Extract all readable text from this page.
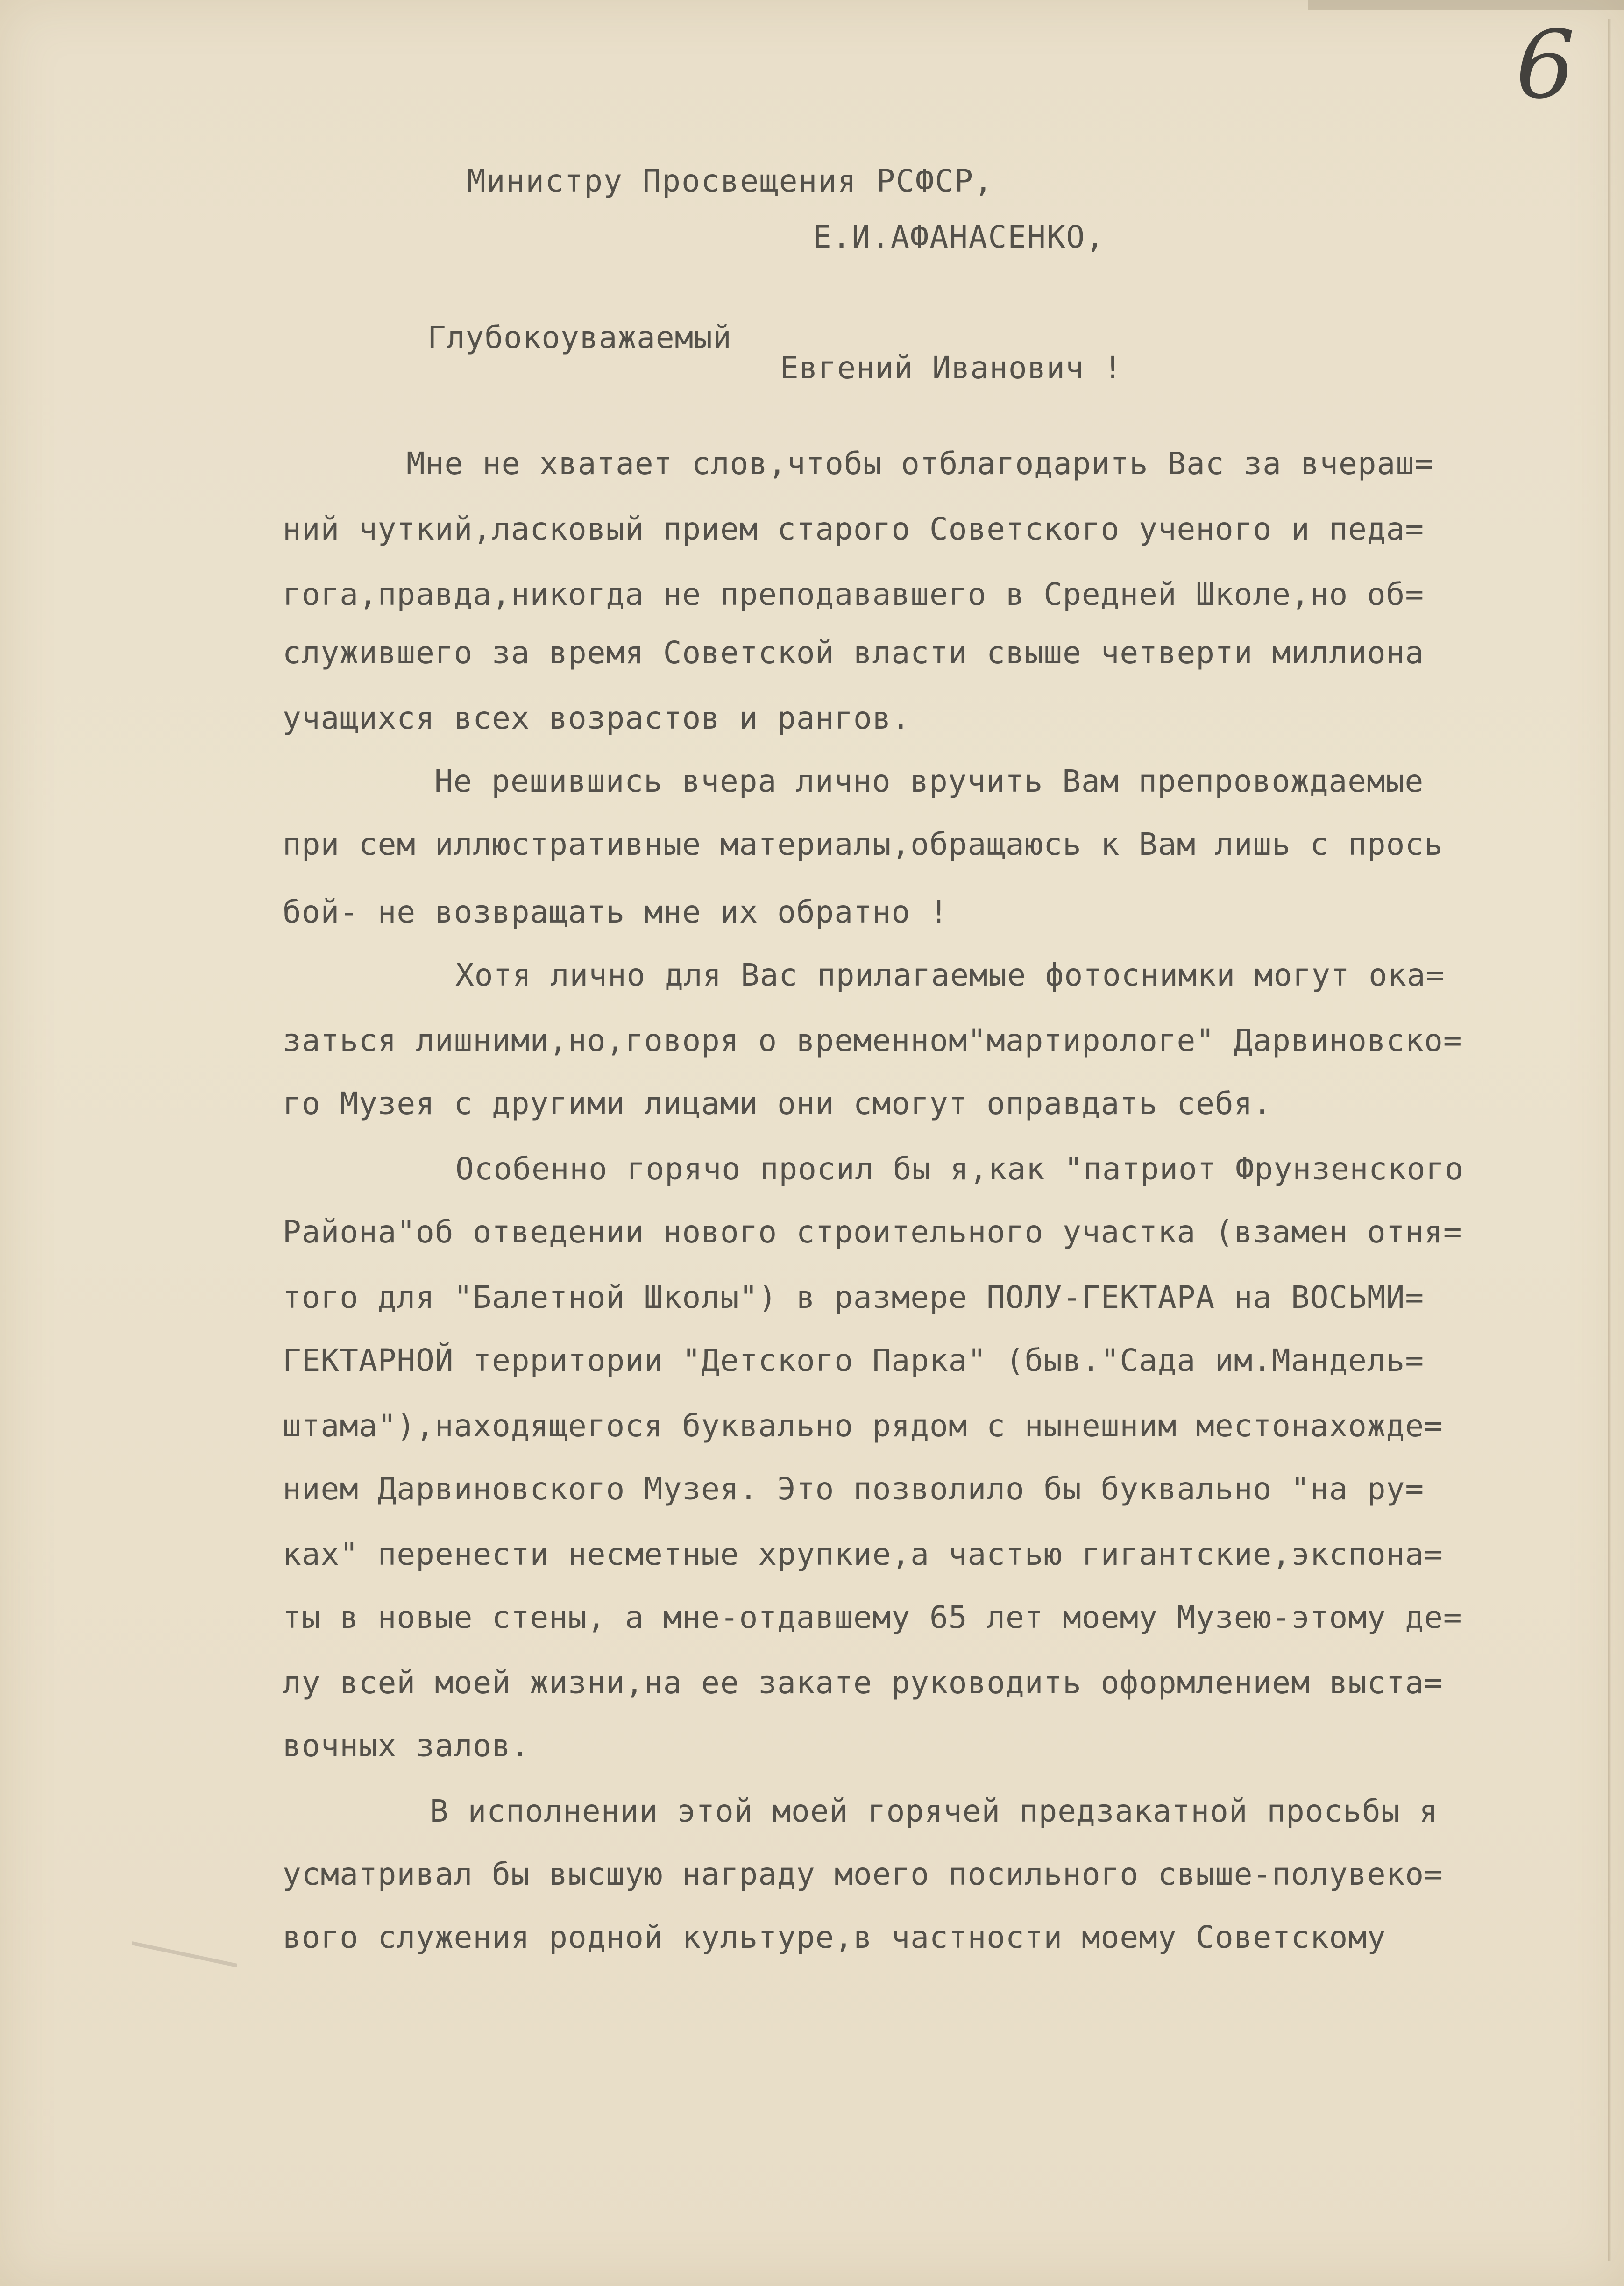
6
Министру Просвещения РСФСР,
Е.И.АФАНАСЕНКО,
Глубокоуважаемый
Евгений Иванович !
Мне не хватает слов,чтобы отблагодарить Вас за вчераш=
ний чуткий,ласковый прием старого Советского ученого и педа=
гога,правда,никогда не преподававшего в Средней Школе,но об=
служившего за время Советской власти свыше четверти миллиона
учащихся всех возрастов и рангов.
Не решившись вчера лично вручить Вам препровождаемые
при сем иллюстративные материалы,обращаюсь к Вам лишь с прось
бой- не возвращать мне их обратно !
Хотя лично для Вас прилагаемые фотоснимки могут ока=
заться лишними,но,говоря о временном"мартирологе" Дарвиновско=
го Музея с другими лицами они смогут оправдать себя.
Особенно горячо просил бы я,как "патриот Фрунзенского
Района"об отведении нового строительного участка (взамен отня=
того для "Балетной Школы") в размере ПОЛУ-ГЕКТАРА на ВОСЬМИ=
ГЕКТАРНОЙ территории "Детского Парка" (быв."Сада им.Мандель=
штама"),находящегося буквально рядом с нынешним местонахожде=
нием Дарвиновского Музея. Это позволило бы буквально "на ру=
ках" перенести несметные хрупкие,а частью гигантские,экспона=
ты в новые стены, а мне-отдавшему 65 лет моему Музею-этому де=
лу всей моей жизни,на ее закате руководить оформлением выста=
вочных залов.
В исполнении этой моей горячей предзакатной просьбы я
усматривал бы высшую награду моего посильного свыше-полувеко=
вого служения родной культуре,в частности моему Советскому
